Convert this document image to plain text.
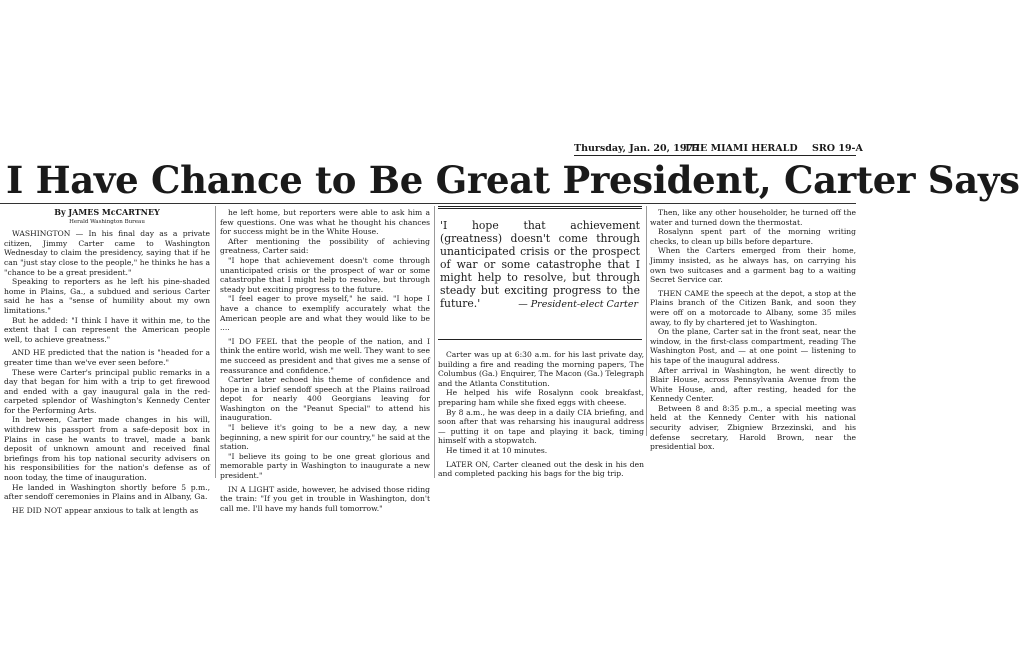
Thursday, Jan. 20, 1977
THE MIAMI HERALD SRO 19-A
I Have Chance to Be Great President, Carter Says

By JAMES McCARTNEY

Herald Washington Bureau

WASHINGTON — In his final day as a private citizen, Jimmy Carter came to Washington Wednesday to claim the presidency, saying that if he can "just stay close to the people," he thinks he has a "chance to be a great president."

Speaking to reporters as he left his pine-shaded home in Plains, Ga., a subdued and serious Carter said he has a "sense of humility about my own limitations."

But he added: "I think I have it within me, to the extent that I can represent the American people well, to achieve greatness."

AND HE predicted that the nation is "headed for a greater time than we've ever seen before."

These were Carter's principal public remarks in a day that began for him with a trip to get firewood and ended with a gay inaugural gala in the red-carpeted splendor of Washington's Kennedy Center for the Performing Arts.

In between, Carter made changes in his will, withdrew his passport from a safe-deposit box in Plains in case he wants to travel, made a bank deposit of unknown amount and received final briefings from his top national security advisers on his responsibilities for the nation's defense as of noon today, the time of inauguration.

He landed in Washington shortly before 5 p.m., after sendoff ceremonies in Plains and in Albany, Ga.

HE DID NOT appear anxious to talk at length as

he left home, but reporters were able to ask him a few questions. One was what he thought his chances for success might be in the White House.

After mentioning the possibility of achieving greatness, Carter said:

"I hope that achievement doesn't come through unanticipated crisis or the prospect of war or some catastrophe that I might help to resolve, but through steady but exciting progress to the future.

"I feel eager to prove myself," he said. "I hope I have a chance to exemplify accurately what the American people are and what they would like to be ....

"I DO FEEL that the people of the nation, and I think the entire world, wish me well. They want to see me succeed as president and that gives me a sense of reassurance and confidence."

Carter later echoed his theme of confidence and hope in a brief sendoff speech at the Plains railroad depot for nearly 400 Georgians leaving for Washington on the "Peanut Special" to attend his inauguration.

"I believe it's going to be a new day, a new beginning, a new spirit for our country," he said at the station.

"I believe its going to be one great glorious and memorable party in Washington to inaugurate a new president."

IN A LIGHT aside, however, he advised those riding the train: "If you get in trouble in Washington, don't call me. I'll have my hands full tomorrow."

'I hope that achievement (greatness) doesn't come through unanticipated crisis or the prospect of war or some catastrophe that I might help to resolve, but through steady but exciting progress to the future.'	— President-elect Carter

Carter was up at 6:30 a.m. for his last private day, building a fire and reading the morning papers, The Columbus (Ga.) Enquirer, The Macon (Ga.) Telegraph and the Atlanta Constitution.

He helped his wife Rosalynn cook breakfast, preparing ham while she fixed eggs with cheese.

By 8 a.m., he was deep in a daily CIA briefing, and soon after that was reharsing his inaugural address — putting it on tape and playing it back, timing himself with a stopwatch.

He timed it at 10 minutes.

LATER ON, Carter cleaned out the desk in his den and completed packing his bags for the big trip.

Then, like any other householder, he turned off the water and turned down the thermostat.

Rosalynn spent part of the morning writing checks, to clean up bills before departure.

When the Carters emerged from their home, Jimmy insisted, as he always has, on carrying his own two suitcases and a garment bag to a waiting Secret Service car.

THEN CAME the speech at the depot, a stop at the Plains branch of the Citizen Bank, and soon they were off on a motorcade to Albany, some 35 miles away, to fly by chartered jet to Washington.

On the plane, Carter sat in the front seat, near the window, in the first-class compartment, reading The Washington Post, and — at one point — listening to his tape of the inaugural address.

After arrival in Washington, he went directly to Blair House, across Pennsylvania Avenue from the White House, and, after resting, headed for the Kennedy Center.

Between 8 and 8:35 p.m., a special meeting was held at the Kennedy Center with his national security adviser, Zbigniew Brzezinski, and his defense secretary, Harold Brown, near the presidential box.
